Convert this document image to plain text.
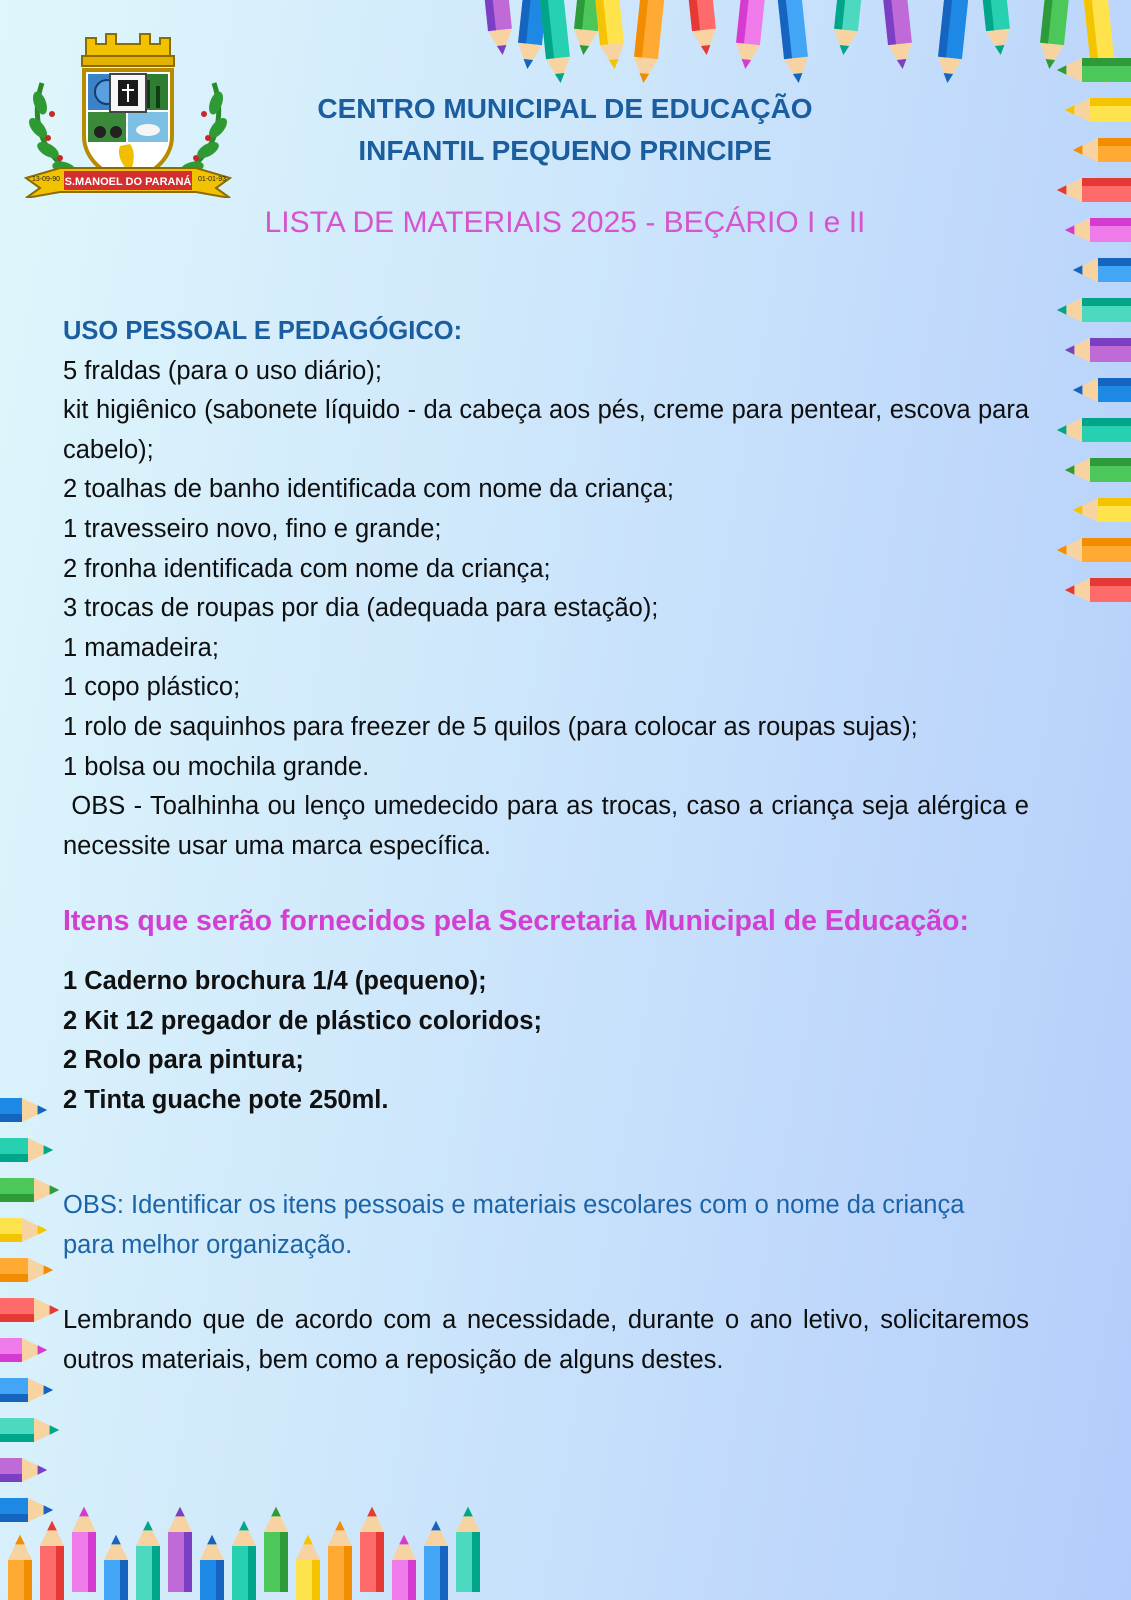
S.MANOEL DO PARANÁ
13-09-90	01-01-93
CENTRO MUNICIPAL DE EDUCAÇÃO
INFANTIL PEQUENO PRINCIPE
LISTA DE MATERIAIS 2025 - BEÇÁRIO I e II
USO PESSOAL E PEDAGÓGICO:
5 fraldas (para o uso diário);
kit higiênico (sabonete líquido - da cabeça aos pés, creme para pentear, escova para cabelo);
2 toalhas de banho identificada com nome da criança;
1 travesseiro novo, fino e grande;
2 fronha identificada com nome da criança;
3 trocas de roupas por dia (adequada para estação);
1 mamadeira;
1 copo plástico;
1 rolo de saquinhos para freezer de 5 quilos (para colocar as roupas sujas);
1 bolsa ou mochila grande.
OBS - Toalhinha ou lenço umedecido para as trocas, caso a criança seja alérgica e necessite usar uma marca específica.
Itens que serão fornecidos pela Secretaria Municipal de Educação:
1 Caderno brochura 1/4 (pequeno);
2 Kit 12 pregador de plástico coloridos;
2 Rolo para pintura;
2 Tinta guache pote 250ml.
OBS: Identificar os itens pessoais e materiais escolares com o nome da criança para melhor organização.
Lembrando que de acordo com a necessidade, durante o ano letivo, solicitaremos outros materiais, bem como a reposição de alguns destes.
